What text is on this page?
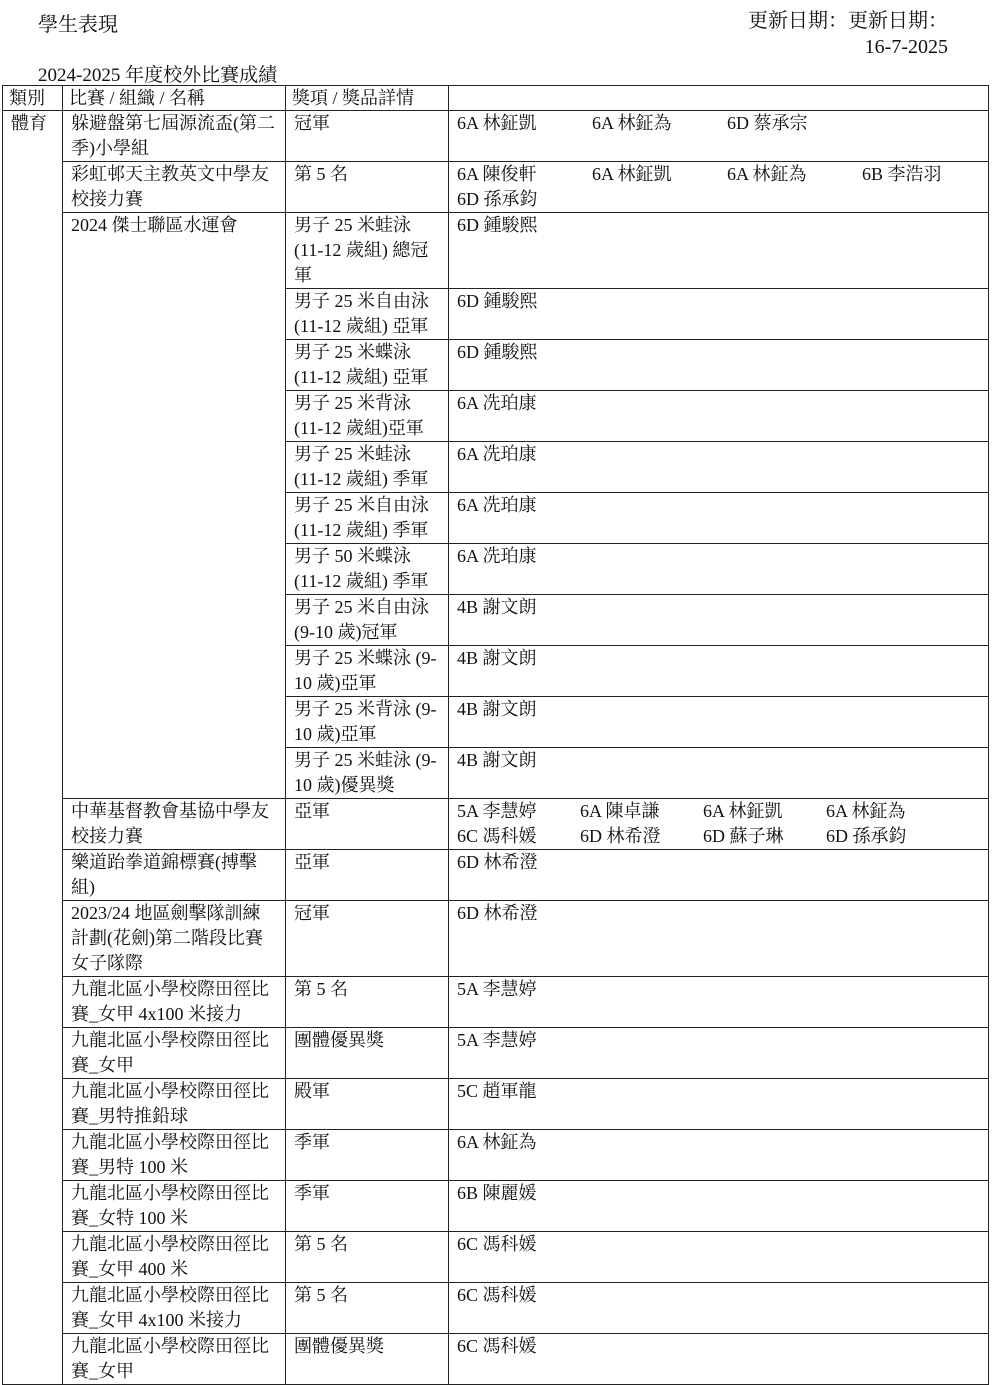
學生表現	更新日期：更新日期：
16-7-2025
2024-2025 年度校外比賽成績
類別	比賽 / 組織 / 名稱	獎項 / 獎品詳情	
體育	躲避盤第七屆源流盃(第二季)小學組	冠軍	6A 林鉦凱 6A 林鉦為 6D 蔡承宗
	彩虹邨天主教英文中學友校接力賽	第 5 名	6A 陳俊軒 6A 林鉦凱 6A 林鉦為 6B 李浩羽
6D 孫承鈞

	2024 傑士聯區水運會	男子 25 米蛙泳 (11-12 歲組) 總冠軍	6D 鍾駿熙
		男子 25 米自由泳 (11-12 歲組) 亞軍	6D 鍾駿熙
		男子 25 米蝶泳 (11-12 歲組) 亞軍	6D 鍾駿熙
		男子 25 米背泳 (11-12 歲組)亞軍	6A 冼珀康
		男子 25 米蛙泳 (11-12 歲組) 季軍	6A 冼珀康
		男子 25 米自由泳 (11-12 歲組) 季軍	6A 冼珀康
		男子 50 米蝶泳 (11-12 歲組) 季軍	6A 冼珀康
		男子 25 米自由泳 (9-10 歲)冠軍	4B 謝文朗
		男子 25 米蝶泳 (9-10 歲)亞軍	4B 謝文朗
		男子 25 米背泳 (9-10 歲)亞軍	4B 謝文朗
		男子 25 米蛙泳 (9-10 歲)優異獎	4B 謝文朗
	中華基督教會基協中學友校接力賽	亞軍	5A 李慧婷 6A 陳卓謙 6A 林鉦凱 6A 林鉦為
6C 馮科媛 6D 林希澄 6D 蘇子琳 6D 孫承鈞

	樂道跆拳道錦標賽(搏擊組)	亞軍	6D 林希澄
	2023/24 地區劍擊隊訓練計劃(花劍)第二階段比賽女子隊際	冠軍	6D 林希澄
	九龍北區小學校際田徑比賽_女甲 4x100 米接力	第 5 名	5A 李慧婷
	九龍北區小學校際田徑比賽_女甲	團體優異獎	5A 李慧婷
	九龍北區小學校際田徑比賽_男特推鉛球	殿軍	5C 趙軍龍
	九龍北區小學校際田徑比賽_男特 100 米	季軍	6A 林鉦為
	九龍北區小學校際田徑比賽_女特 100 米	季軍	6B 陳麗媛
	九龍北區小學校際田徑比賽_女甲 400 米	第 5 名	6C 馮科媛
	九龍北區小學校際田徑比賽_女甲 4x100 米接力	第 5 名	6C 馮科媛
	九龍北區小學校際田徑比賽_女甲	團體優異獎	6C 馮科媛
